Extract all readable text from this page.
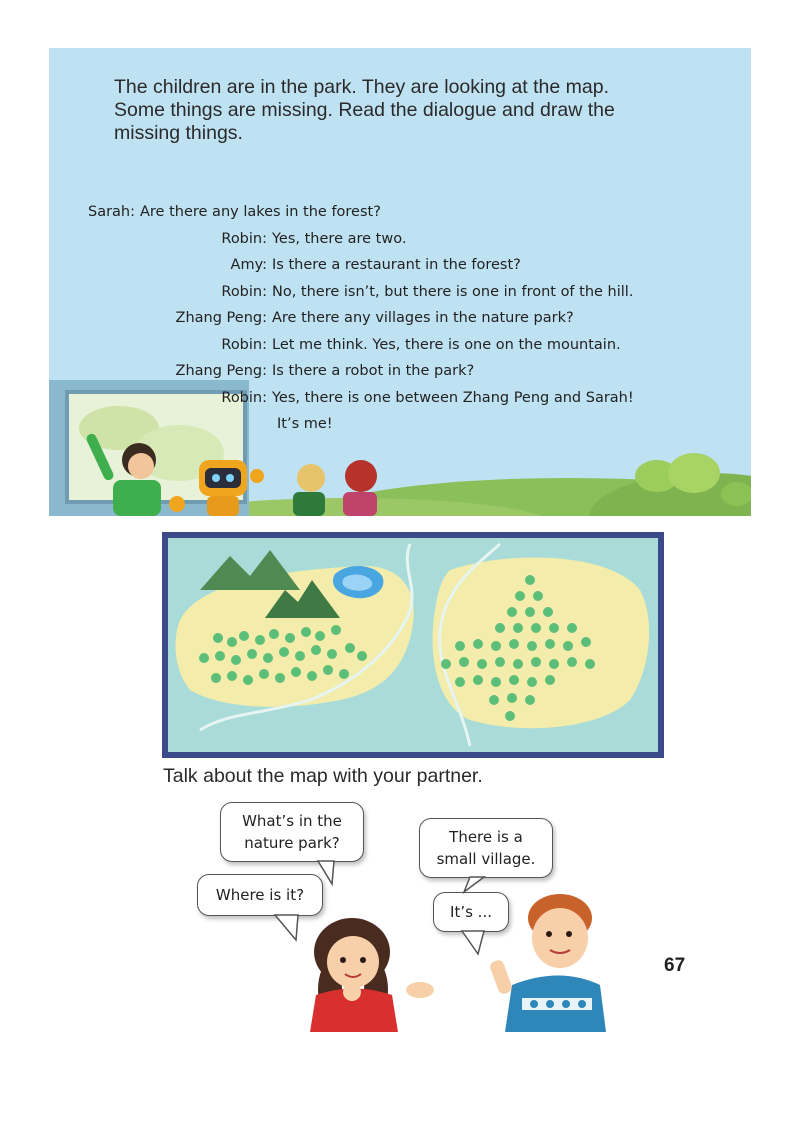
The children are in the park. They are looking at the map. Some things are missing. Read the dialogue and draw the missing things.

Sarah: Are there any lakes in the forest?
Robin: Yes, there are two.
Amy: Is there a restaurant in the forest?
Robin: No, there isn’t, but there is one in front of the hill.
Zhang Peng: Are there any villages in the nature park?
Robin: Let me think. Yes, there is one on the mountain.
Zhang Peng: Is there a robot in the park?
Robin: Yes, there is one between Zhang Peng and Sarah!
It’s me!

Talk about the map with your partner.

What’s in the
nature park?	There is a
small village.
Where is it?
It’s ...
67
